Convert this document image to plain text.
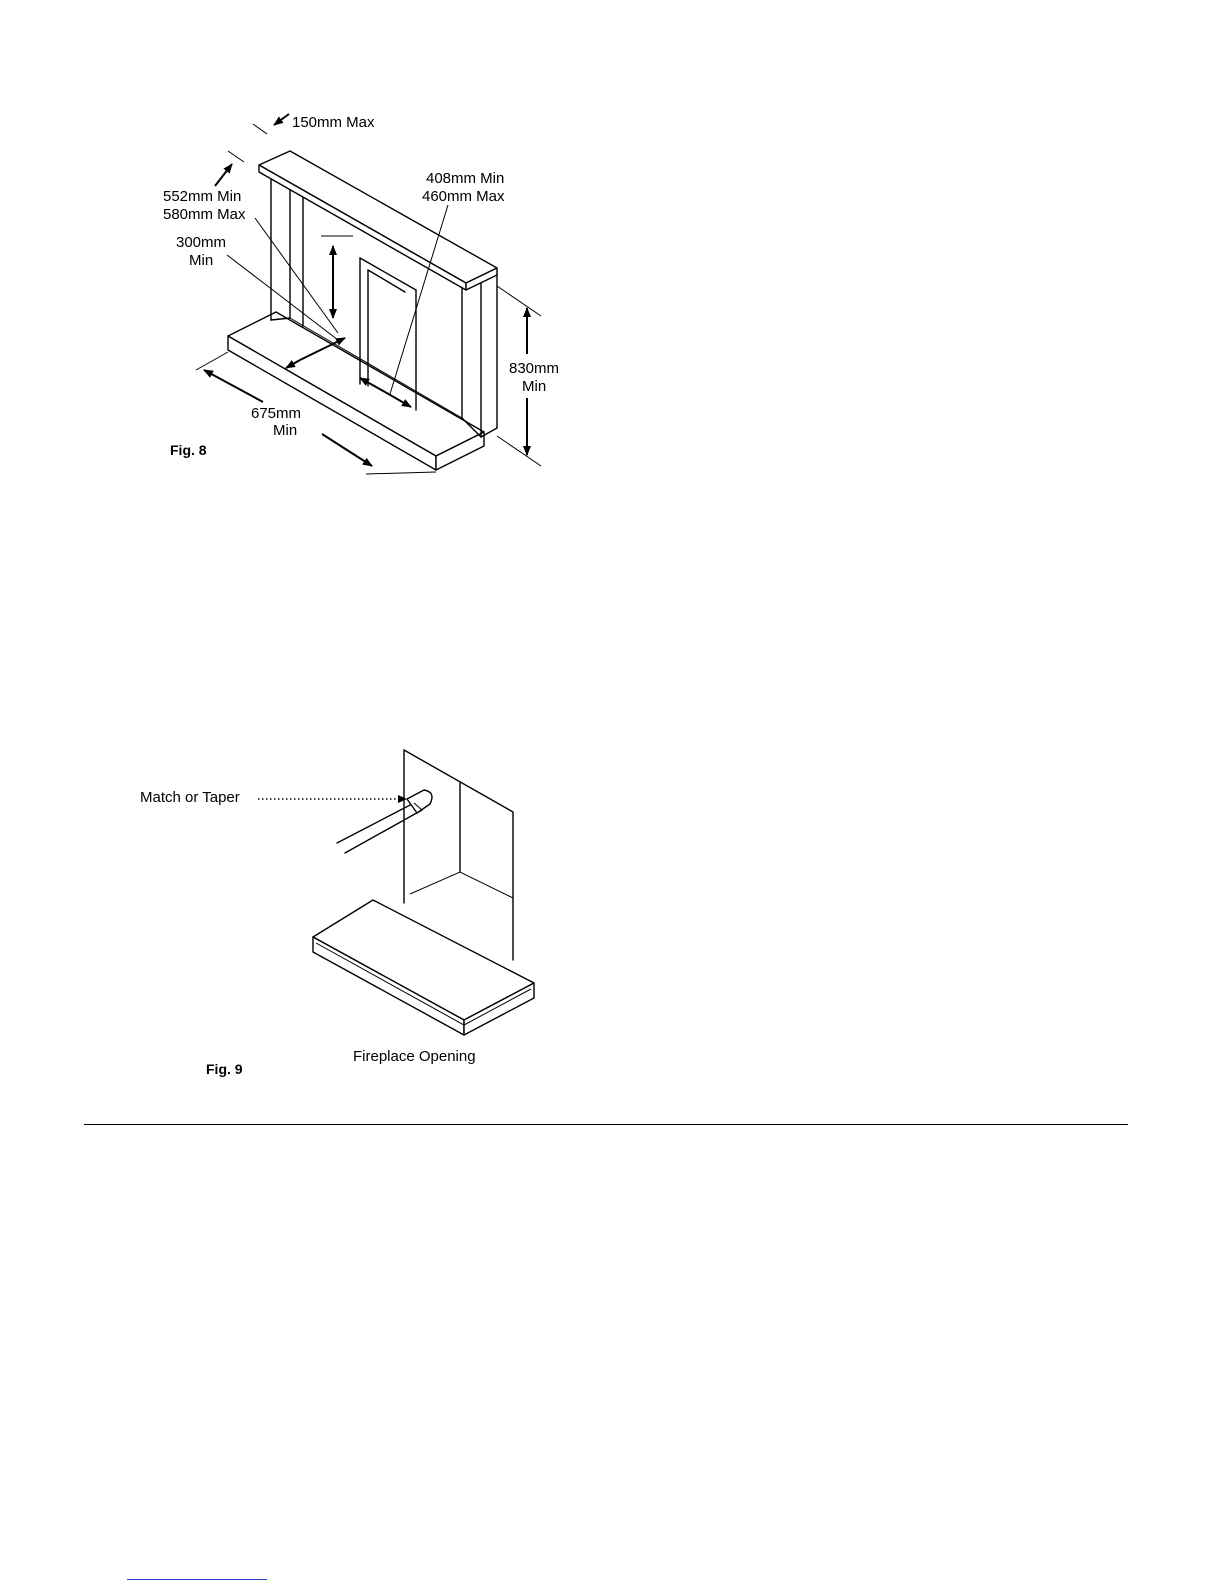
150mm Max
552mm Min
580mm Max
300mm
Min
408mm Min
460mm Max
830mm
Min
675mm
Min
Fig. 8
Match or Taper
Fireplace Opening
Fig. 9
